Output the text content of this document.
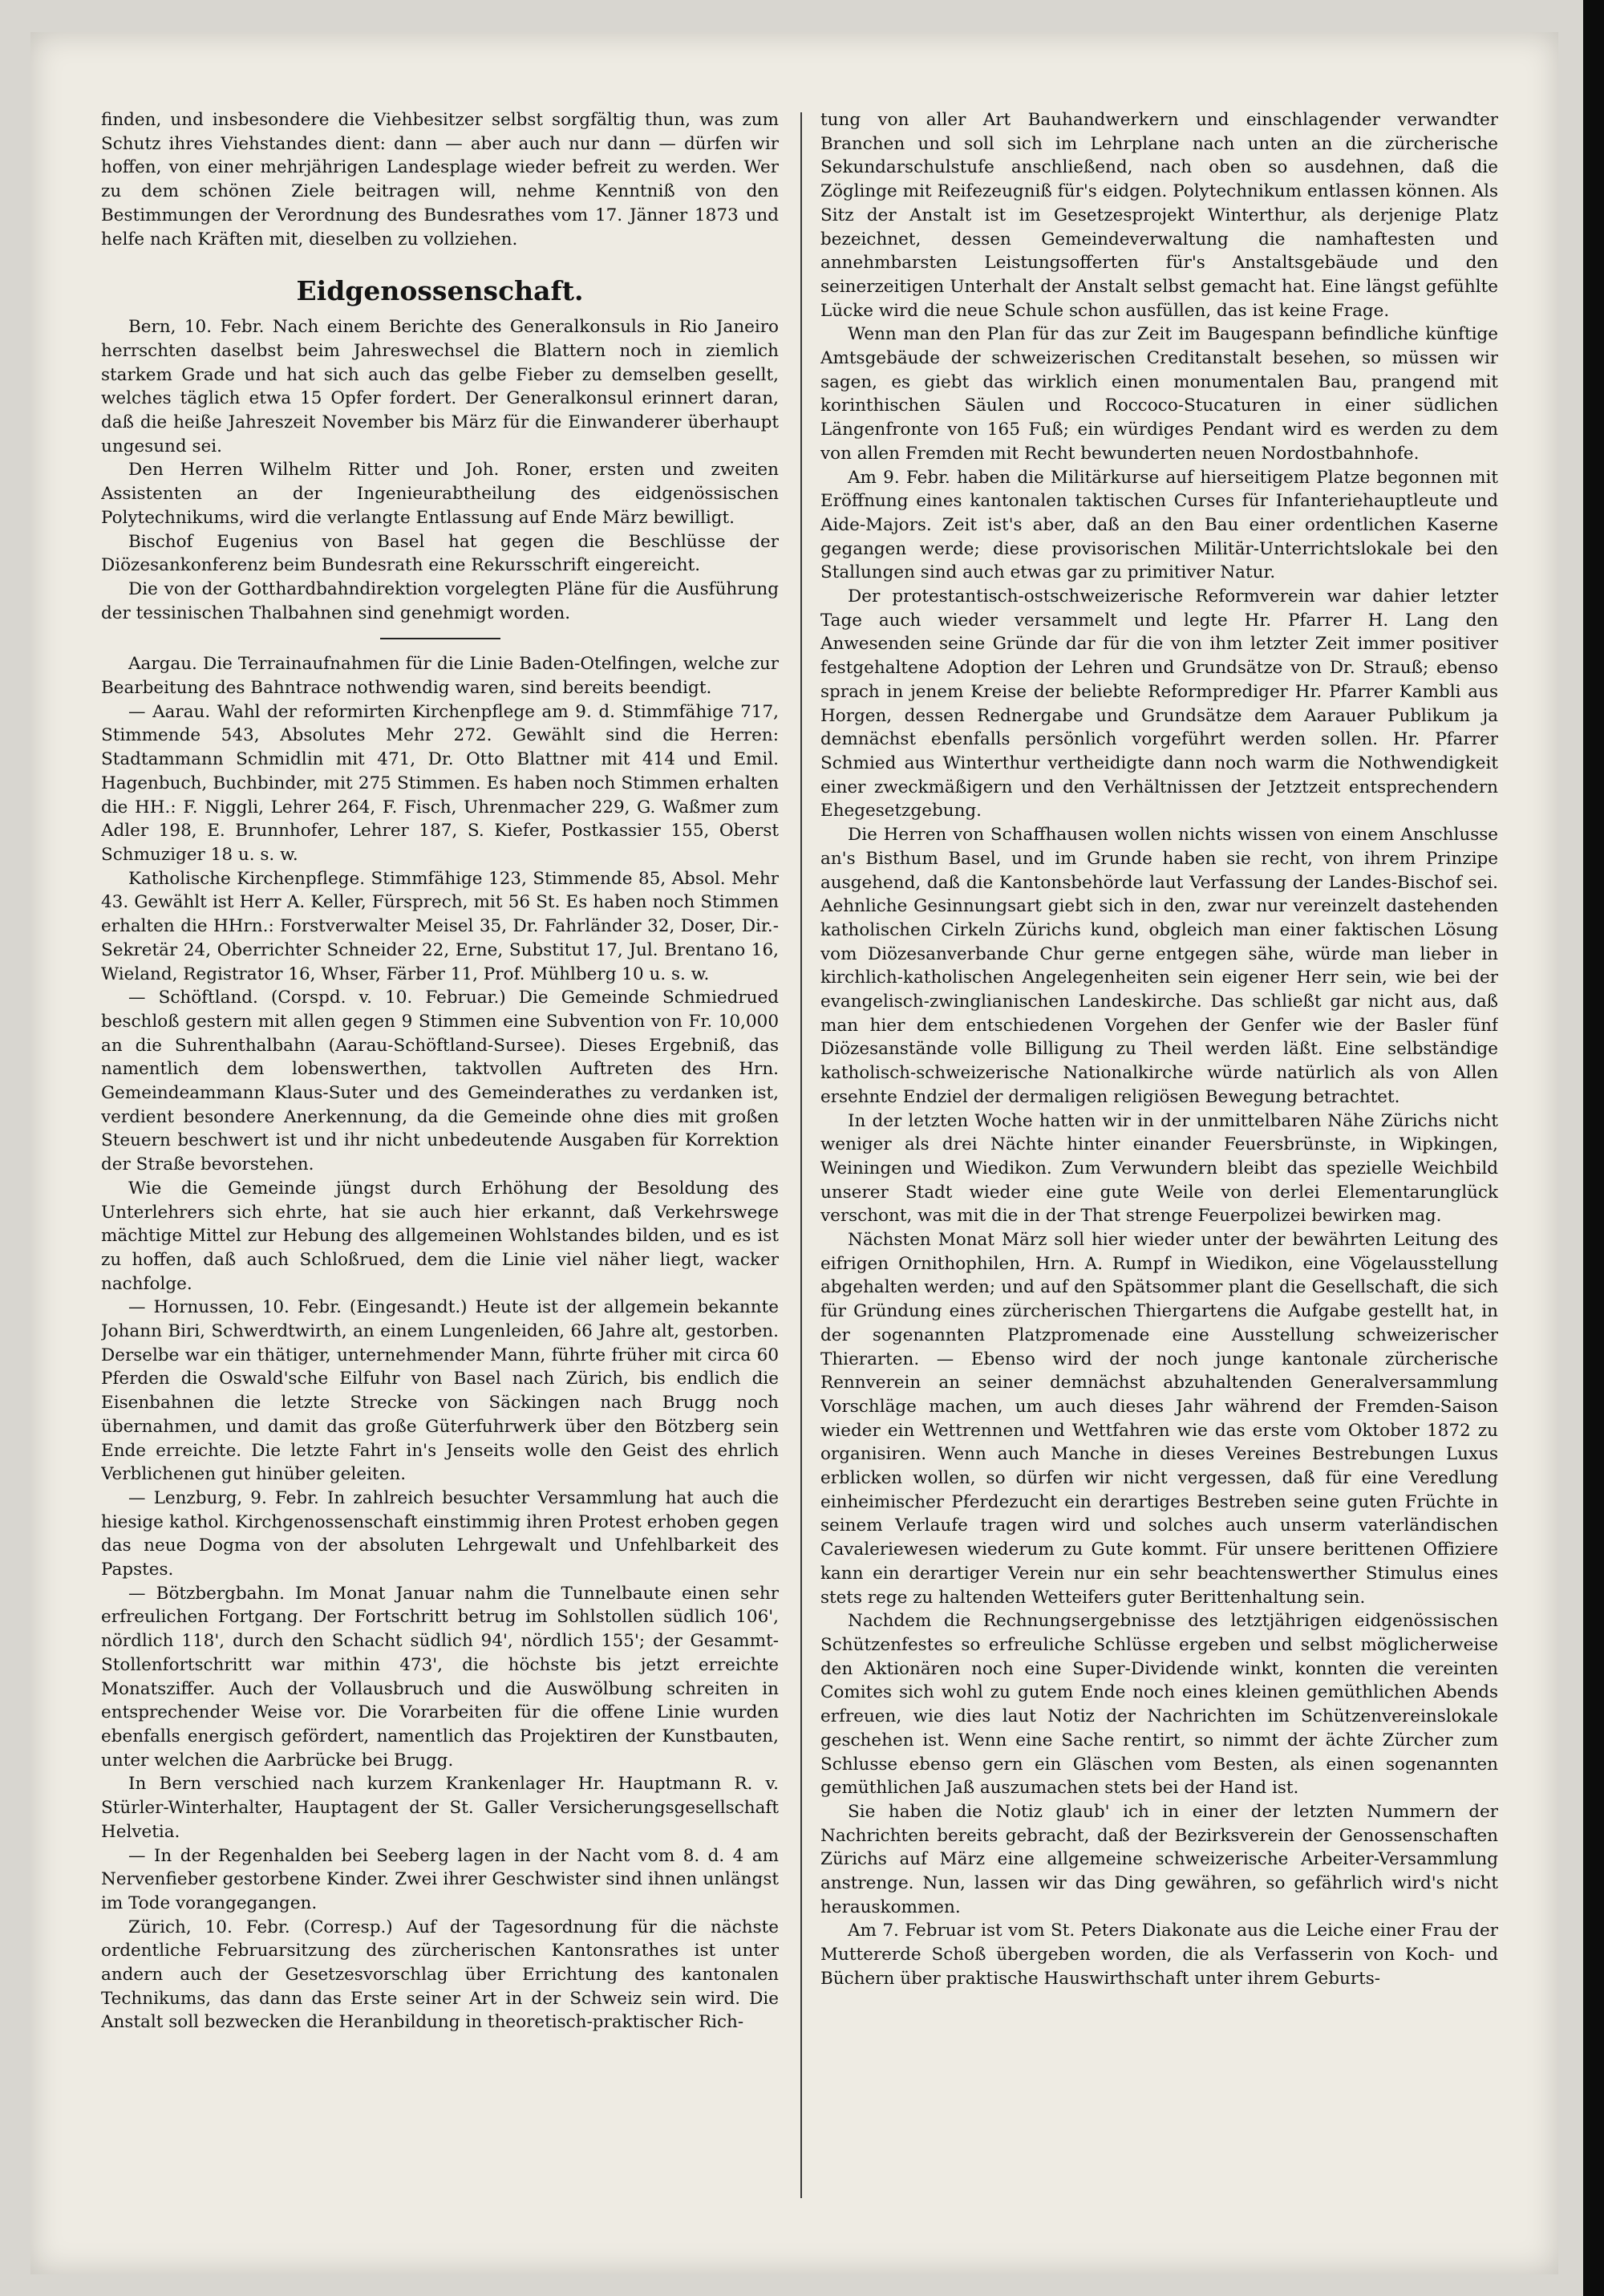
finden, und insbesondere die Viehbesitzer selbst sorgfältig thun, was zum Schutz ihres Viehstandes dient: dann — aber auch nur dann — dürfen wir hoffen, von einer mehrjährigen Landesplage wieder befreit zu werden. Wer zu dem schönen Ziele beitragen will, nehme Kenntniß von den Bestimmungen der Verordnung des Bundesrathes vom 17. Jänner 1873 und helfe nach Kräften mit, dieselben zu vollziehen.

Eidgenossenschaft.

Bern, 10. Febr. Nach einem Berichte des Generalkonsuls in Rio Janeiro herrschten daselbst beim Jahreswechsel die Blattern noch in ziemlich starkem Grade und hat sich auch das gelbe Fieber zu demselben gesellt, welches täglich etwa 15 Opfer fordert. Der Generalkonsul erinnert daran, daß die heiße Jahreszeit November bis März für die Einwanderer überhaupt ungesund sei.

Den Herren Wilhelm Ritter und Joh. Roner, ersten und zweiten Assistenten an der Ingenieurabtheilung des eidgenössischen Polytechnikums, wird die verlangte Entlassung auf Ende März bewilligt.

Bischof Eugenius von Basel hat gegen die Beschlüsse der Diözesankonferenz beim Bundesrath eine Rekursschrift eingereicht.

Die von der Gotthardbahndirektion vorgelegten Pläne für die Ausführung der tessinischen Thalbahnen sind genehmigt worden.

Aargau. Die Terrainaufnahmen für die Linie Baden-Otelfingen, welche zur Bearbeitung des Bahntrace nothwendig waren, sind bereits beendigt.

— Aarau. Wahl der reformirten Kirchenpflege am 9. d. Stimmfähige 717, Stimmende 543, Absolutes Mehr 272. Gewählt sind die Herren: Stadtammann Schmidlin mit 471, Dr. Otto Blattner mit 414 und Emil. Hagenbuch, Buchbinder, mit 275 Stimmen. Es haben noch Stimmen erhalten die HH.: F. Niggli, Lehrer 264, F. Fisch, Uhrenmacher 229, G. Waßmer zum Adler 198, E. Brunnhofer, Lehrer 187, S. Kiefer, Postkassier 155, Oberst Schmuziger 18 u. s. w.

Katholische Kirchenpflege. Stimmfähige 123, Stimmende 85, Absol. Mehr 43. Gewählt ist Herr A. Keller, Fürsprech, mit 56 St. Es haben noch Stimmen erhalten die HHrn.: Forstverwalter Meisel 35, Dr. Fahrländer 32, Doser, Dir.-Sekretär 24, Oberrichter Schneider 22, Erne, Substitut 17, Jul. Brentano 16, Wieland, Registrator 16, Whser, Färber 11, Prof. Mühlberg 10 u. s. w.

— Schöftland. (Corspd. v. 10. Februar.) Die Gemeinde Schmiedrued beschloß gestern mit allen gegen 9 Stimmen eine Subvention von Fr. 10,000 an die Suhrenthalbahn (Aarau-Schöftland-Sursee). Dieses Ergebniß, das namentlich dem lobenswerthen, taktvollen Auftreten des Hrn. Gemeindeammann Klaus-Suter und des Gemeinderathes zu verdanken ist, verdient besondere Anerkennung, da die Gemeinde ohne dies mit großen Steuern beschwert ist und ihr nicht unbedeutende Ausgaben für Korrektion der Straße bevorstehen.

Wie die Gemeinde jüngst durch Erhöhung der Besoldung des Unterlehrers sich ehrte, hat sie auch hier erkannt, daß Verkehrswege mächtige Mittel zur Hebung des allgemeinen Wohlstandes bilden, und es ist zu hoffen, daß auch Schloßrued, dem die Linie viel näher liegt, wacker nachfolge.

— Hornussen, 10. Febr. (Eingesandt.) Heute ist der allgemein bekannte Johann Biri, Schwerdtwirth, an einem Lungenleiden, 66 Jahre alt, gestorben. Derselbe war ein thätiger, unternehmender Mann, führte früher mit circa 60 Pferden die Oswald'sche Eilfuhr von Basel nach Zürich, bis endlich die Eisenbahnen die letzte Strecke von Säckingen nach Brugg noch übernahmen, und damit das große Güterfuhrwerk über den Bötzberg sein Ende erreichte. Die letzte Fahrt in's Jenseits wolle den Geist des ehrlich Verblichenen gut hinüber geleiten.

— Lenzburg, 9. Febr. In zahlreich besuchter Versammlung hat auch die hiesige kathol. Kirchgenossenschaft einstimmig ihren Protest erhoben gegen das neue Dogma von der absoluten Lehrgewalt und Unfehlbarkeit des Papstes.

— Bötzbergbahn. Im Monat Januar nahm die Tunnelbaute einen sehr erfreulichen Fortgang. Der Fortschritt betrug im Sohlstollen südlich 106', nördlich 118', durch den Schacht südlich 94', nördlich 155'; der Gesammt-Stollenfortschritt war mithin 473', die höchste bis jetzt erreichte Monatsziffer. Auch der Vollausbruch und die Auswölbung schreiten in entsprechender Weise vor. Die Vorarbeiten für die offene Linie wurden ebenfalls energisch gefördert, namentlich das Projektiren der Kunstbauten, unter welchen die Aarbrücke bei Brugg.

In Bern verschied nach kurzem Krankenlager Hr. Hauptmann R. v. Stürler-Winterhalter, Hauptagent der St. Galler Versicherungsgesellschaft Helvetia.

— In der Regenhalden bei Seeberg lagen in der Nacht vom 8. d. 4 am Nervenfieber gestorbene Kinder. Zwei ihrer Geschwister sind ihnen unlängst im Tode vorangegangen.

Zürich, 10. Febr. (Corresp.) Auf der Tagesordnung für die nächste ordentliche Februarsitzung des zürcherischen Kantonsrathes ist unter andern auch der Gesetzesvorschlag über Errichtung des kantonalen Technikums, das dann das Erste seiner Art in der Schweiz sein wird. Die Anstalt soll bezwecken die Heranbildung in theoretisch-praktischer Rich-

tung von aller Art Bauhandwerkern und einschlagender verwandter Branchen und soll sich im Lehrplane nach unten an die zürcherische Sekundarschulstufe anschließend, nach oben so ausdehnen, daß die Zöglinge mit Reifezeugniß für's eidgen. Polytechnikum entlassen können. Als Sitz der Anstalt ist im Gesetzesprojekt Winterthur, als derjenige Platz bezeichnet, dessen Gemeindeverwaltung die namhaftesten und annehmbarsten Leistungsofferten für's Anstaltsgebäude und den seinerzeitigen Unterhalt der Anstalt selbst gemacht hat. Eine längst gefühlte Lücke wird die neue Schule schon ausfüllen, das ist keine Frage.

Wenn man den Plan für das zur Zeit im Baugespann befindliche künftige Amtsgebäude der schweizerischen Creditanstalt besehen, so müssen wir sagen, es giebt das wirklich einen monumentalen Bau, prangend mit korinthischen Säulen und Roccoco-Stucaturen in einer südlichen Längenfronte von 165 Fuß; ein würdiges Pendant wird es werden zu dem von allen Fremden mit Recht bewunderten neuen Nordostbahnhofe.

Am 9. Febr. haben die Militärkurse auf hierseitigem Platze begonnen mit Eröffnung eines kantonalen taktischen Curses für Infanteriehauptleute und Aide-Majors. Zeit ist's aber, daß an den Bau einer ordentlichen Kaserne gegangen werde; diese provisorischen Militär-Unterrichtslokale bei den Stallungen sind auch etwas gar zu primitiver Natur.

Der protestantisch-ostschweizerische Reformverein war dahier letzter Tage auch wieder versammelt und legte Hr. Pfarrer H. Lang den Anwesenden seine Gründe dar für die von ihm letzter Zeit immer positiver festgehaltene Adoption der Lehren und Grundsätze von Dr. Strauß; ebenso sprach in jenem Kreise der beliebte Reformprediger Hr. Pfarrer Kambli aus Horgen, dessen Rednergabe und Grundsätze dem Aarauer Publikum ja demnächst ebenfalls persönlich vorgeführt werden sollen. Hr. Pfarrer Schmied aus Winterthur vertheidigte dann noch warm die Nothwendigkeit einer zweckmäßigern und den Verhältnissen der Jetztzeit entsprechendern Ehegesetzgebung.

Die Herren von Schaffhausen wollen nichts wissen von einem Anschlusse an's Bisthum Basel, und im Grunde haben sie recht, von ihrem Prinzipe ausgehend, daß die Kantonsbehörde laut Verfassung der Landes-Bischof sei. Aehnliche Gesinnungsart giebt sich in den, zwar nur vereinzelt dastehenden katholischen Cirkeln Zürichs kund, obgleich man einer faktischen Lösung vom Diözesanverbande Chur gerne entgegen sähe, würde man lieber in kirchlich-katholischen Angelegenheiten sein eigener Herr sein, wie bei der evangelisch-zwinglianischen Landeskirche. Das schließt gar nicht aus, daß man hier dem entschiedenen Vorgehen der Genfer wie der Basler fünf Diözesanstände volle Billigung zu Theil werden läßt. Eine selbständige katholisch-schweizerische Nationalkirche würde natürlich als von Allen ersehnte Endziel der dermaligen religiösen Bewegung betrachtet.

In der letzten Woche hatten wir in der unmittelbaren Nähe Zürichs nicht weniger als drei Nächte hinter einander Feuersbrünste, in Wipkingen, Weiningen und Wiedikon. Zum Verwundern bleibt das spezielle Weichbild unserer Stadt wieder eine gute Weile von derlei Elementarunglück verschont, was mit die in der That strenge Feuerpolizei bewirken mag.

Nächsten Monat März soll hier wieder unter der bewährten Leitung des eifrigen Ornithophilen, Hrn. A. Rumpf in Wiedikon, eine Vögelausstellung abgehalten werden; und auf den Spätsommer plant die Gesellschaft, die sich für Gründung eines zürcherischen Thiergartens die Aufgabe gestellt hat, in der sogenannten Platzpromenade eine Ausstellung schweizerischer Thierarten. — Ebenso wird der noch junge kantonale zürcherische Rennverein an seiner demnächst abzuhaltenden Generalversammlung Vorschläge machen, um auch dieses Jahr während der Fremden-Saison wieder ein Wettrennen und Wettfahren wie das erste vom Oktober 1872 zu organisiren. Wenn auch Manche in dieses Vereines Bestrebungen Luxus erblicken wollen, so dürfen wir nicht vergessen, daß für eine Veredlung einheimischer Pferdezucht ein derartiges Bestreben seine guten Früchte in seinem Verlaufe tragen wird und solches auch unserm vaterländischen Cavaleriewesen wiederum zu Gute kommt. Für unsere berittenen Offiziere kann ein derartiger Verein nur ein sehr beachtenswerther Stimulus eines stets rege zu haltenden Wetteifers guter Berittenhaltung sein.

Nachdem die Rechnungsergebnisse des letztjährigen eidgenössischen Schützenfestes so erfreuliche Schlüsse ergeben und selbst möglicherweise den Aktionären noch eine Super-Dividende winkt, konnten die vereinten Comites sich wohl zu gutem Ende noch eines kleinen gemüthlichen Abends erfreuen, wie dies laut Notiz der Nachrichten im Schützenvereinslokale geschehen ist. Wenn eine Sache rentirt, so nimmt der ächte Zürcher zum Schlusse ebenso gern ein Gläschen vom Besten, als einen sogenannten gemüthlichen Jaß auszumachen stets bei der Hand ist.

Sie haben die Notiz glaub' ich in einer der letzten Nummern der Nachrichten bereits gebracht, daß der Bezirksverein der Genossenschaften Zürichs auf März eine allgemeine schweizerische Arbeiter-Versammlung anstrenge. Nun, lassen wir das Ding gewähren, so gefährlich wird's nicht herauskommen.

Am 7. Februar ist vom St. Peters Diakonate aus die Leiche einer Frau der Muttererde Schoß übergeben worden, die als Verfasserin von Koch- und Büchern über praktische Hauswirthschaft unter ihrem Geburts-
